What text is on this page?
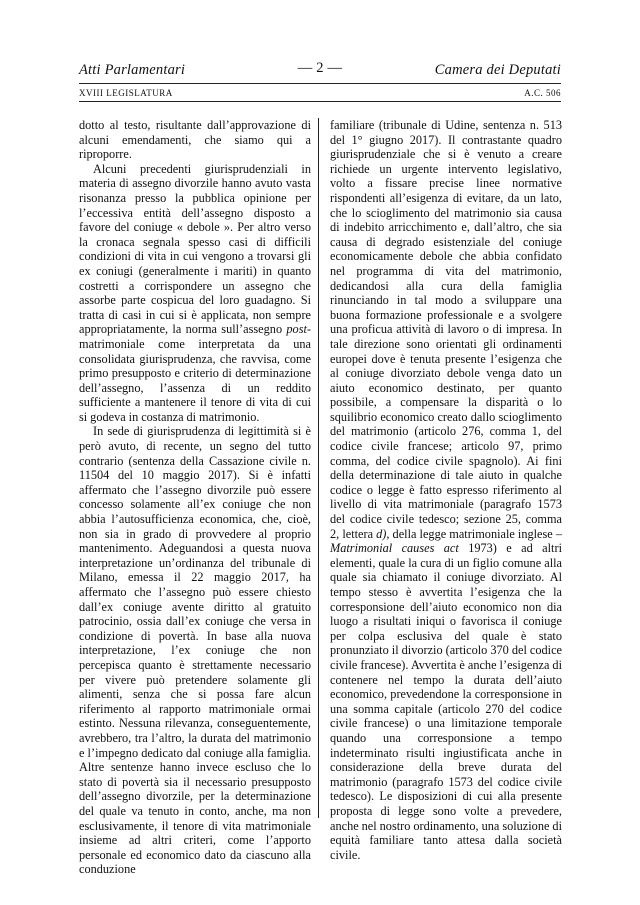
Atti Parlamentari	— 2 —	Camera dei Deputati
XVIII LEGISLATURA	A.C. 506

dotto al testo, risultante dall’approvazione di alcuni emendamenti, che siamo qui a riproporre.

Alcuni precedenti giurisprudenziali in materia di assegno divorzile hanno avuto vasta risonanza presso la pubblica opinione per l’eccessiva entità dell’assegno disposto a favore del coniuge « debole ». Per altro verso la cronaca segnala spesso casi di difficili condizioni di vita in cui vengono a trovarsi gli ex coniugi (generalmente i mariti) in quanto costretti a corrispondere un assegno che assorbe parte cospicua del loro guadagno. Si tratta di casi in cui si è applicata, non sempre appropriatamente, la norma sull’assegno post-matrimoniale come interpretata da una consolidata giurisprudenza, che ravvisa, come primo presupposto e criterio di determinazione dell’assegno, l’assenza di un reddito sufficiente a mantenere il tenore di vita di cui si godeva in costanza di matrimonio.

In sede di giurisprudenza di legittimità si è però avuto, di recente, un segno del tutto contrario (sentenza della Cassazione civile n. 11504 del 10 maggio 2017). Si è infatti affermato che l’assegno divorzile può essere concesso solamente all’ex coniuge che non abbia l’autosufficienza economica, che, cioè, non sia in grado di provvedere al proprio mantenimento. Adeguandosi a questa nuova interpretazione un’ordinanza del tribunale di Milano, emessa il 22 maggio 2017, ha affermato che l’assegno può essere chiesto dall’ex coniuge avente diritto al gratuito patrocinio, ossia dall’ex coniuge che versa in condizione di povertà. In base alla nuova interpretazione, l’ex coniuge che non percepisca quanto è strettamente necessario per vivere può pretendere solamente gli alimenti, senza che si possa fare alcun riferimento al rapporto matrimoniale ormai estinto. Nessuna rilevanza, conseguentemente, avrebbero, tra l’altro, la durata del matrimonio e l’impegno dedicato dal coniuge alla famiglia. Altre sentenze hanno invece escluso che lo stato di povertà sia il necessario presupposto dell’assegno divorzile, per la determinazione del quale va tenuto in conto, anche, ma non esclusivamente, il tenore di vita matrimoniale insieme ad altri criteri, come l’apporto personale ed economico dato da ciascuno alla conduzione

familiare (tribunale di Udine, sentenza n. 513 del 1° giugno 2017). Il contrastante quadro giurisprudenziale che si è venuto a creare richiede un urgente intervento legislativo, volto a fissare precise linee normative rispondenti all’esigenza di evitare, da un lato, che lo scioglimento del matrimonio sia causa di indebito arricchimento e, dall’altro, che sia causa di degrado esistenziale del coniuge economicamente debole che abbia confidato nel programma di vita del matrimonio, dedicandosi alla cura della famiglia rinunciando in tal modo a sviluppare una buona formazione professionale e a svolgere una proficua attività di lavoro o di impresa. In tale direzione sono orientati gli ordinamenti europei dove è tenuta presente l’esigenza che al coniuge divorziato debole venga dato un aiuto economico destinato, per quanto possibile, a compensare la disparità o lo squilibrio economico creato dallo scioglimento del matrimonio (articolo 276, comma 1, del codice civile francese; articolo 97, primo comma, del codice civile spagnolo). Ai fini della determinazione di tale aiuto in qualche codice o legge è fatto espresso riferimento al livello di vita matrimoniale (paragrafo 1573 del codice civile tedesco; sezione 25, comma 2, lettera d), della legge matrimoniale inglese – Matrimonial causes act 1973) e ad altri elementi, quale la cura di un figlio comune alla quale sia chiamato il coniuge divorziato. Al tempo stesso è avvertita l’esigenza che la corresponsione dell’aiuto economico non dia luogo a risultati iniqui o favorisca il coniuge per colpa esclusiva del quale è stato pronunziato il divorzio (articolo 370 del codice civile francese). Avvertita è anche l’esigenza di contenere nel tempo la durata dell’aiuto economico, prevedendone la corresponsione in una somma capitale (articolo 270 del codice civile francese) o una limitazione temporale quando una corresponsione a tempo indeterminato risulti ingiustificata anche in considerazione della breve durata del matrimonio (paragrafo 1573 del codice civile tedesco). Le disposizioni di cui alla presente proposta di legge sono volte a prevedere, anche nel nostro ordinamento, una soluzione di equità familiare tanto attesa dalla società civile.
